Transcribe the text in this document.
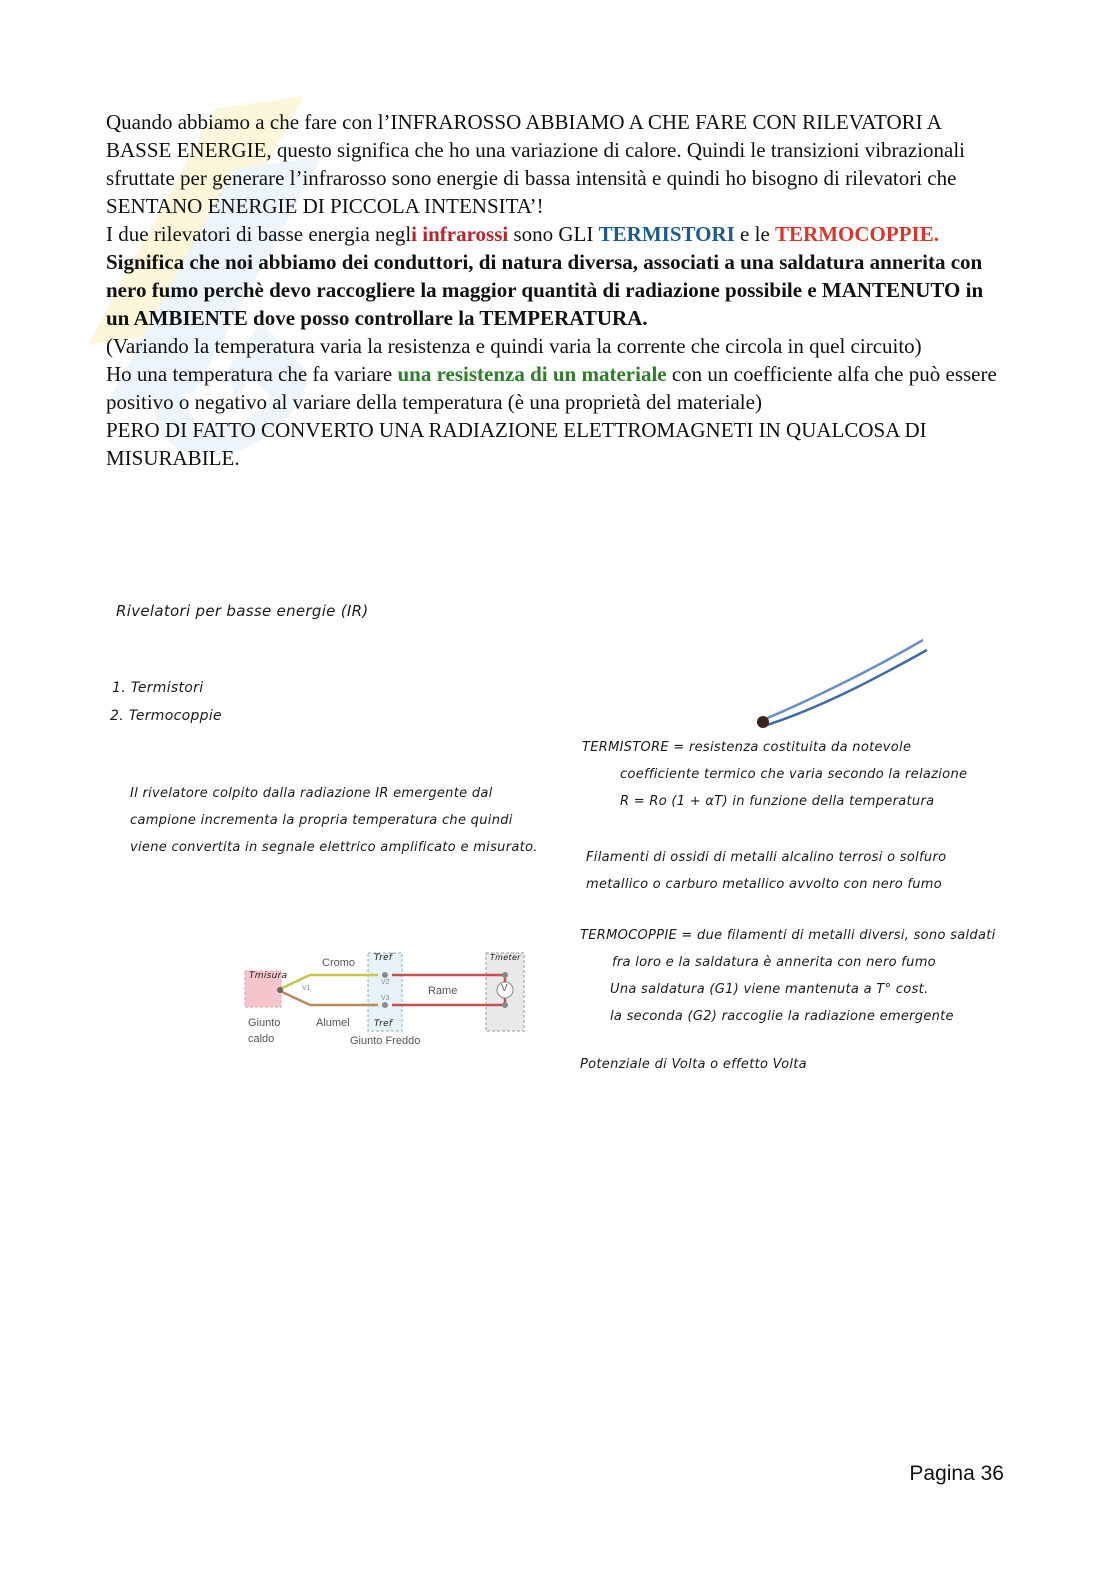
Quando abbiamo a che fare con l’INFRAROSSO ABBIAMO A CHE FARE CON RILEVATORI A BASSE ENERGIE, questo significa che ho una variazione di calore. Quindi le transizioni vibrazionali sfruttate per generare l’infrarosso sono energie di bassa intensità e quindi ho bisogno di rilevatori che SENTANO ENERGIE DI PICCOLA INTENSITA’!

I due rilevatori di basse energia negli infrarossi sono GLI TERMISTORI e le TERMOCOPPIE.

Significa che noi abbiamo dei conduttori, di natura diversa, associati a una saldatura annerita con nero fumo perchè devo raccogliere la maggior quantità di radiazione possibile e MANTENUTO in un AMBIENTE dove posso controllare la TEMPERATURA.

(Variando la temperatura varia la resistenza e quindi varia la corrente che circola in quel circuito)

Ho una temperatura che fa variare una resistenza di un materiale con un coefficiente alfa che può essere positivo o negativo al variare della temperatura (è una proprietà del materiale)

PERO DI FATTO CONVERTO UNA RADIAZIONE ELETTROMAGNETI IN QUALCOSA DI MISURABILE.

Rivelatori per basse energie (IR)
1. Termistori
2. Termocoppie
Il rivelatore colpito dalla radiazione IR emergente dal
campione incrementa la propria temperatura che quindi
viene convertita in segnale elettrico amplificato e misurato.
TERMISTORE = resistenza costituita da notevole
coefficiente termico che varia secondo la relazione
R = Ro (1 + αT) in funzione della temperatura
Filamenti di ossidi di metalli alcalino terrosi o solfuro
metallico o carburo metallico avvolto con nero fumo
TERMOCOPPIE = due filamenti di metalli diversi, sono saldati
fra loro e la saldatura è annerita con nero fumo
Una saldatura (G1) viene mantenuta a T° cost.
la seconda (G2) raccoglie la radiazione emergente
Potenziale di Volta o effetto Volta
Tmisura
Tref
Tref
Tmeter
Cromo
Alumel
Rame
V1
V2
V3
V
Giunto
caldo	Giunto Freddo
Pagina 36
